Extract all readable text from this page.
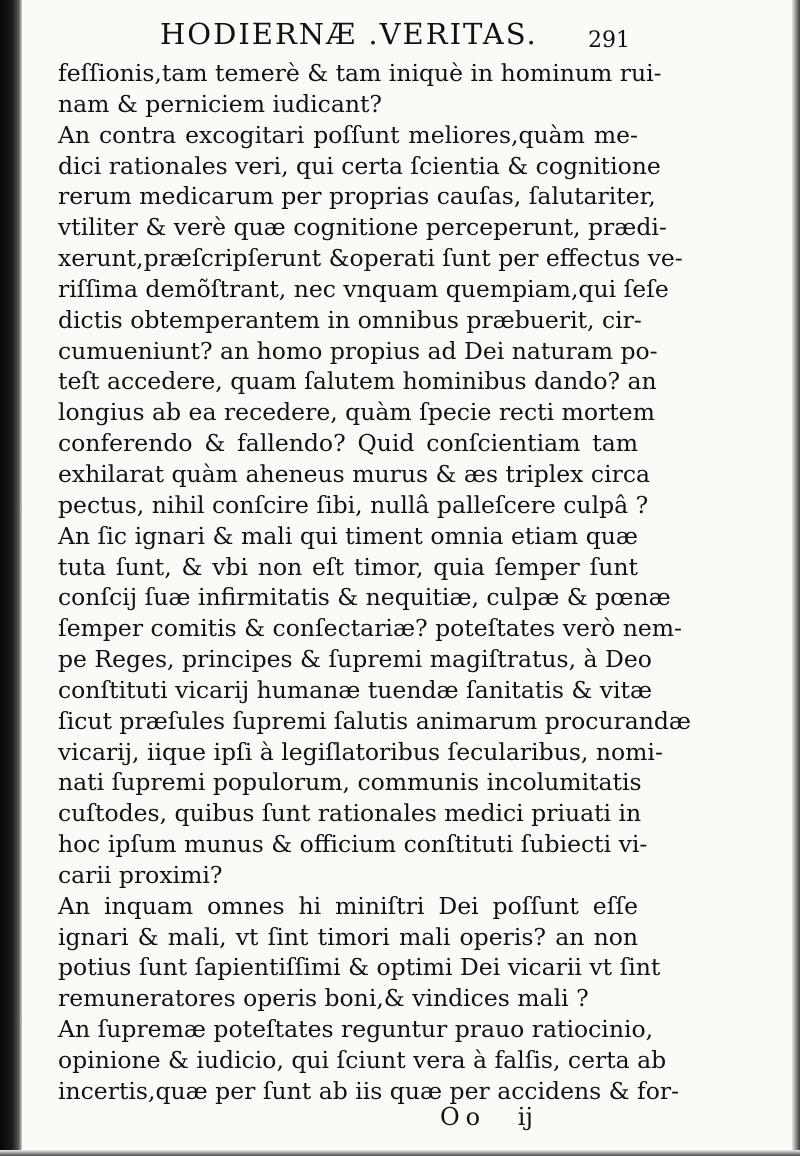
HODIERNÆ .VERITAS. 291
feſſionis,tam temerè & tam iniquè in hominum rui-
nam & perniciem iudicant?
An contra excogitari poſſunt meliores,quàm me-
dici rationales veri, qui certa ſcientia & cognitione
rerum medicarum per proprias cauſas, ſalutariter,
vtiliter & verè quæ cognitione perceperunt, prædi-
xerunt,præſcripſerunt &operati ſunt per effectus ve-
riſſima demõſtrant, nec vnquam quempiam,qui ſeſe
dictis obtemperantem in omnibus præbuerit, cir-
cumueniunt? an homo propius ad Dei naturam po-
teſt accedere, quam ſalutem hominibus dando? an
longius ab ea recedere, quàm ſpecie recti mortem
conferendo & fallendo? Quid conſcientiam tam
exhilarat quàm aheneus murus & æs triplex circa
pectus, nihil conſcire ſibi, nullâ palleſcere culpâ ?
An ſic ignari & mali qui timent omnia etiam quæ
tuta ſunt, & vbi non eſt timor, quia ſemper ſunt
conſcij ſuæ infirmitatis & nequitiæ, culpæ & pœnæ
ſemper comitis & conſectariæ? poteſtates verò nem-
pe Reges, principes & ſupremi magiſtratus, à Deo
conſtituti vicarij humanæ tuendæ ſanitatis & vitæ
ſicut præſules ſupremi ſalutis animarum procurandæ
vicarij, iique ipſi à legiſlatoribus ſecularibus, nomi-
nati ſupremi populorum, communis incolumitatis
cuſtodes, quibus ſunt rationales medici priuati in
hoc ipſum munus & officium conſtituti ſubiecti vi-
carii proximi?
An inquam omnes hi miniſtri Dei poſſunt eſſe
ignari & mali, vt ſint timori mali operis? an non
potius ſunt ſapientiſſimi & optimi Dei vicarii vt ſint
remuneratores operis boni,& vindices mali ?
An ſupremæ poteſtates reguntur prauo ratiocinio,
opinione & iudicio, qui ſciunt vera à falſis, certa ab
incertis,quæ per ſunt ab iis quæ per accidens & for-
Oo ij
